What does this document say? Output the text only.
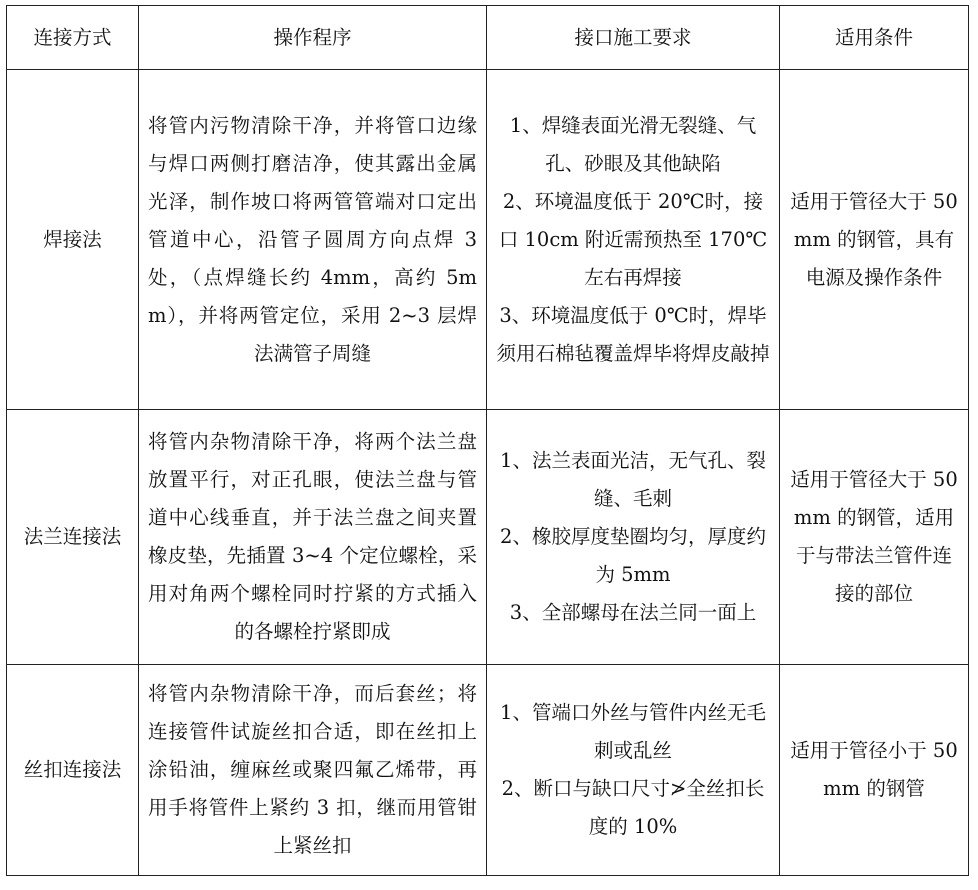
连接方式	操作程序	接口施工要求	适用条件
焊接法	将管内污物清除干净，并将管口边缘与焊口两侧打磨洁净，使其露出金属光泽，制作坡口将两管管端对口定出管道中心，沿管子圆周方向点焊 3 处，（点焊缝长约 4mm，高约 5mm），并将两管定位，采用 2~3 层焊法满管子周缝	1、焊缝表面光滑无裂缝、气孔、砂眼及其他缺陷
2、环境温度低于 20℃时，接口 10cm 附近需预热至 170℃左右再焊接
3、环境温度低于 0℃时，焊毕须用石棉毡覆盖焊毕将焊皮敲掉	适用于管径大于 50mm 的钢管，具有电源及操作条件
法兰连接法	将管内杂物清除干净，将两个法兰盘放置平行，对正孔眼，使法兰盘与管道中心线垂直，并于法兰盘之间夹置橡皮垫，先插置 3~4 个定位螺栓，采用对角两个螺栓同时拧紧的方式插入的各螺栓拧紧即成	1、法兰表面光洁，无气孔、裂缝、毛刺
2、橡胶厚度垫圈均匀，厚度约为 5mm
3、全部螺母在法兰同一面上	适用于管径大于 50mm 的钢管，适用于与带法兰管件连接的部位
丝扣连接法	将管内杂物清除干净，而后套丝；将连接管件试旋丝扣合适，即在丝扣上涂铅油，缠麻丝或聚四氟乙烯带，再用手将管件上紧约 3 扣，继而用管钳上紧丝扣	1、管端口外丝与管件内丝无毛刺或乱丝
2、断口与缺口尺寸≯全丝扣长度的 10%	适用于管径小于 50mm 的钢管
